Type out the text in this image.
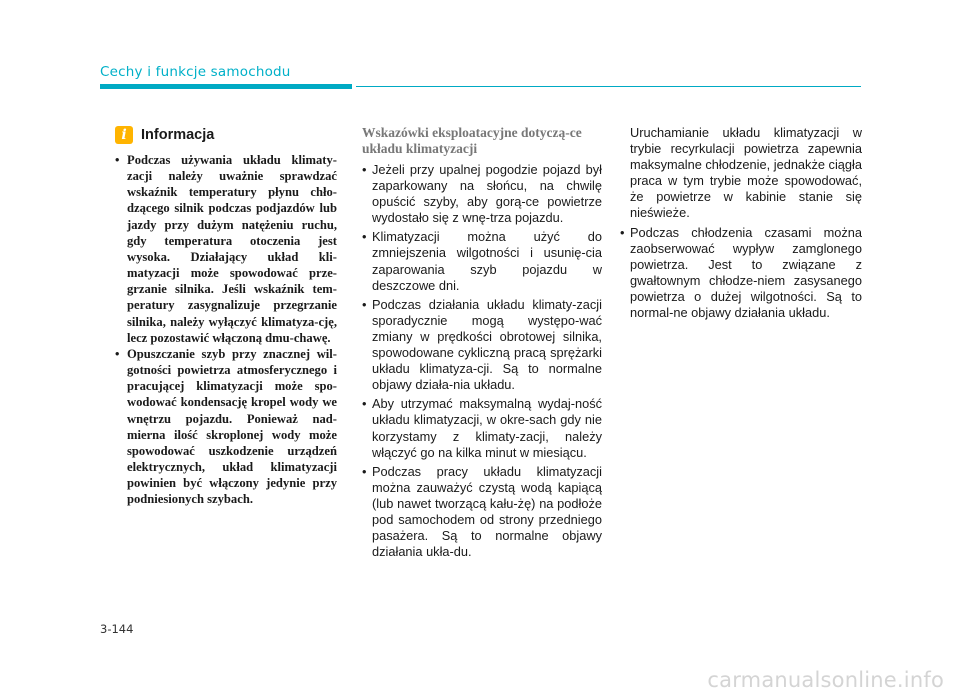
Cechy i funkcje samochodu
i Informacja
• Podczas używania układu klimaty-zacji należy uważnie sprawdzać wskaźnik temperatury płynu chło-dzącego silnik podczas podjazdów lub jazdy przy dużym natężeniu ruchu, gdy temperatura otoczenia jest wysoka. Działający układ kli-matyzacji może spowodować prze-grzanie silnika. Jeśli wskaźnik tem-peratury zasygnalizuje przegrzanie silnika, należy wyłączyć klimatyza-cję, lecz pozostawić włączoną dmu-chawę.
• Opuszczanie szyb przy znacznej wil-gotności powietrza atmosferycznego i pracującej klimatyzacji może spo-wodować kondensację kropel wody we wnętrzu pojazdu. Ponieważ nad-mierna ilość skroplonej wody może spowodować uszkodzenie urządzeń elektrycznych, układ klimatyzacji powinien być włączony jedynie przy podniesionych szybach.
Wskazówki eksploatacyjne dotyczą-ce układu klimatyzacji
• Jeżeli przy upalnej pogodzie pojazd był zaparkowany na słońcu, na chwilę opuścić szyby, aby gorą-ce powietrze wydostało się z wnę-trza pojazdu.
• Klimatyzacji można użyć do zmniejszenia wilgotności i usunię-cia zaparowania szyb pojazdu w deszczowe dni.
• Podczas działania układu klimaty-zacji sporadycznie mogą występo-wać zmiany w prędkości obrotowej silnika, spowodowane cykliczną pracą sprężarki układu klimatyza-cji. Są to normalne objawy działa-nia układu.
• Aby utrzymać maksymalną wydaj-ność układu klimatyzacji, w okre-sach gdy nie korzystamy z klimaty-zacji, należy włączyć go na kilka minut w miesiącu.
• Podczas pracy układu klimatyzacji można zauważyć czystą wodą kapiącą (lub nawet tworzącą kału-żę) na podłoże pod samochodem od strony przedniego pasażera. Są to normalne objawy działania ukła-du.

Uruchamianie układu klimatyzacji w trybie recyrkulacji powietrza zapewnia maksymalne chłodzenie, jednakże ciągła praca w tym trybie może spowodować, że powietrze w kabinie stanie się nieświeże.

• Podczas chłodzenia czasami można zaobserwować wypływ zamglonego powietrza. Jest to związane z gwałtownym chłodze-niem zasysanego powietrza o dużej wilgotności. Są to normal-ne objawy działania układu.
3-144
carmanualsonline.info
